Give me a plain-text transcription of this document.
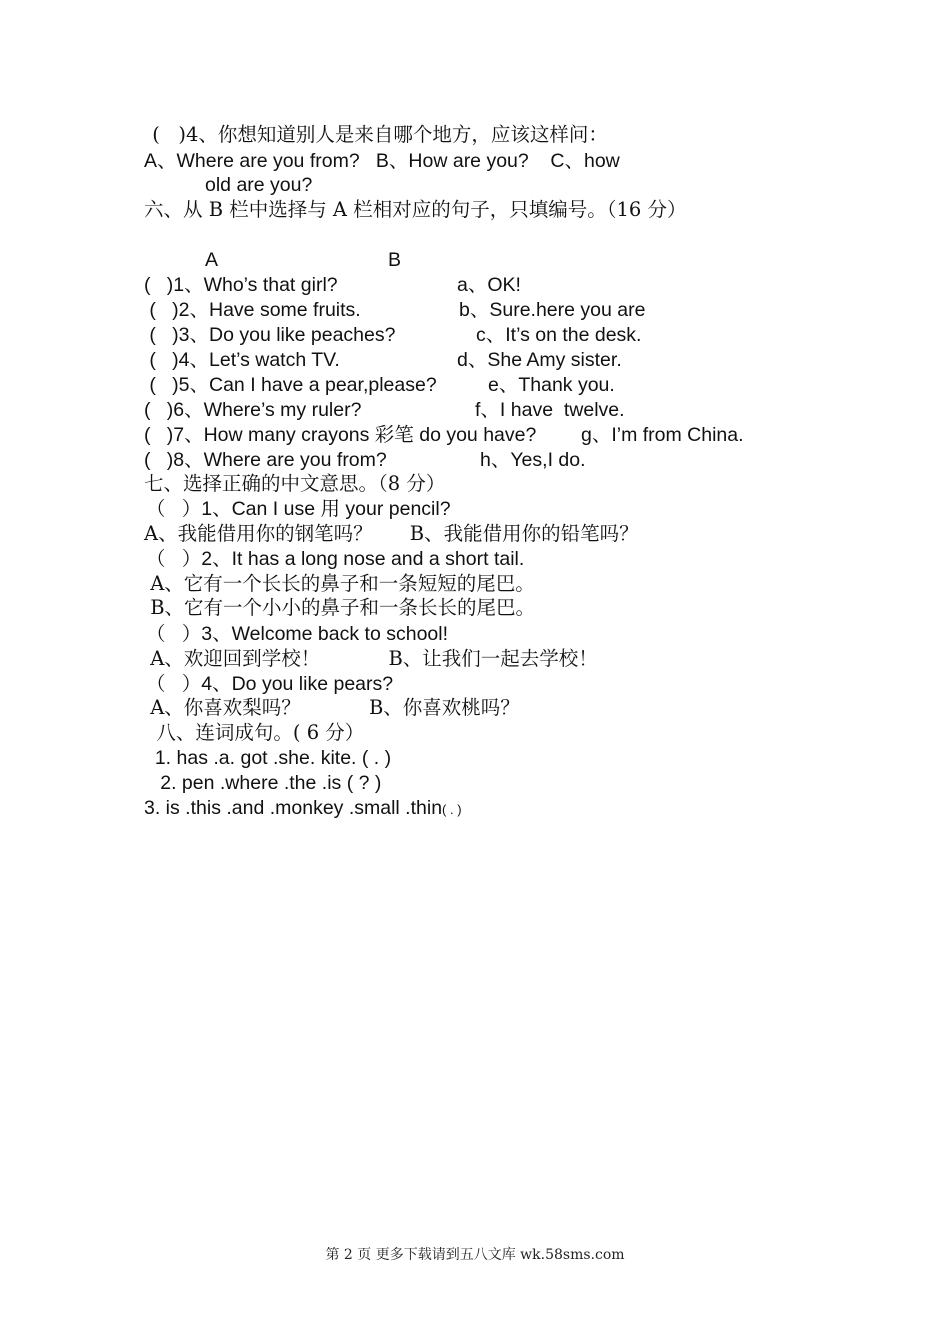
(   )4、你想知道别人是来自哪个地方，应该这样问：
A、Where are you from?   B、How are you?    C、how
old are you?
六、从 B 栏中选择与 A 栏相对应的句子，只填编号。（16 分）
A	B
(   )1、Who’s that girl?	a、OK!
(   )2、Have some fruits.	b、Sure.here you are
(   )3、Do you like peaches?	c、It’s on the desk.
(   )4、Let’s watch TV.	d、She Amy sister.
(   )5、Can I have a pear,please?	e、Thank you.
(   )6、Where’s my ruler?	f、I have  twelve.
(   )7、How many crayons 彩笔 do you have? g、I’m from China.
(   )8、Where are you from?	h、Yes,I do.
七、选择正确的中文意思。（8 分）
（   ）1、Can I use 用 your pencil?
A、我能借用你的钢笔吗？      B、我能借用你的铅笔吗？
（   ）2、It has a long nose and a short tail.
A、它有一个长长的鼻子和一条短短的尾巴。
B、它有一个小小的鼻子和一条长长的尾巴。
（   ）3、Welcome back to school!
A、欢迎回到学校！           B、让我们一起去学校！
（   ）4、Do you like pears?
A、你喜欢梨吗？           B、你喜欢桃吗？
八、连词成句。( 6 分）
1. has .a. got .she. kite. ( . )
2. pen .where .the .is ( ? )
3. is .this .and .monkey .small .thin( . )
第 2 页 更多下载请到五八文库 wk.58sms.com
